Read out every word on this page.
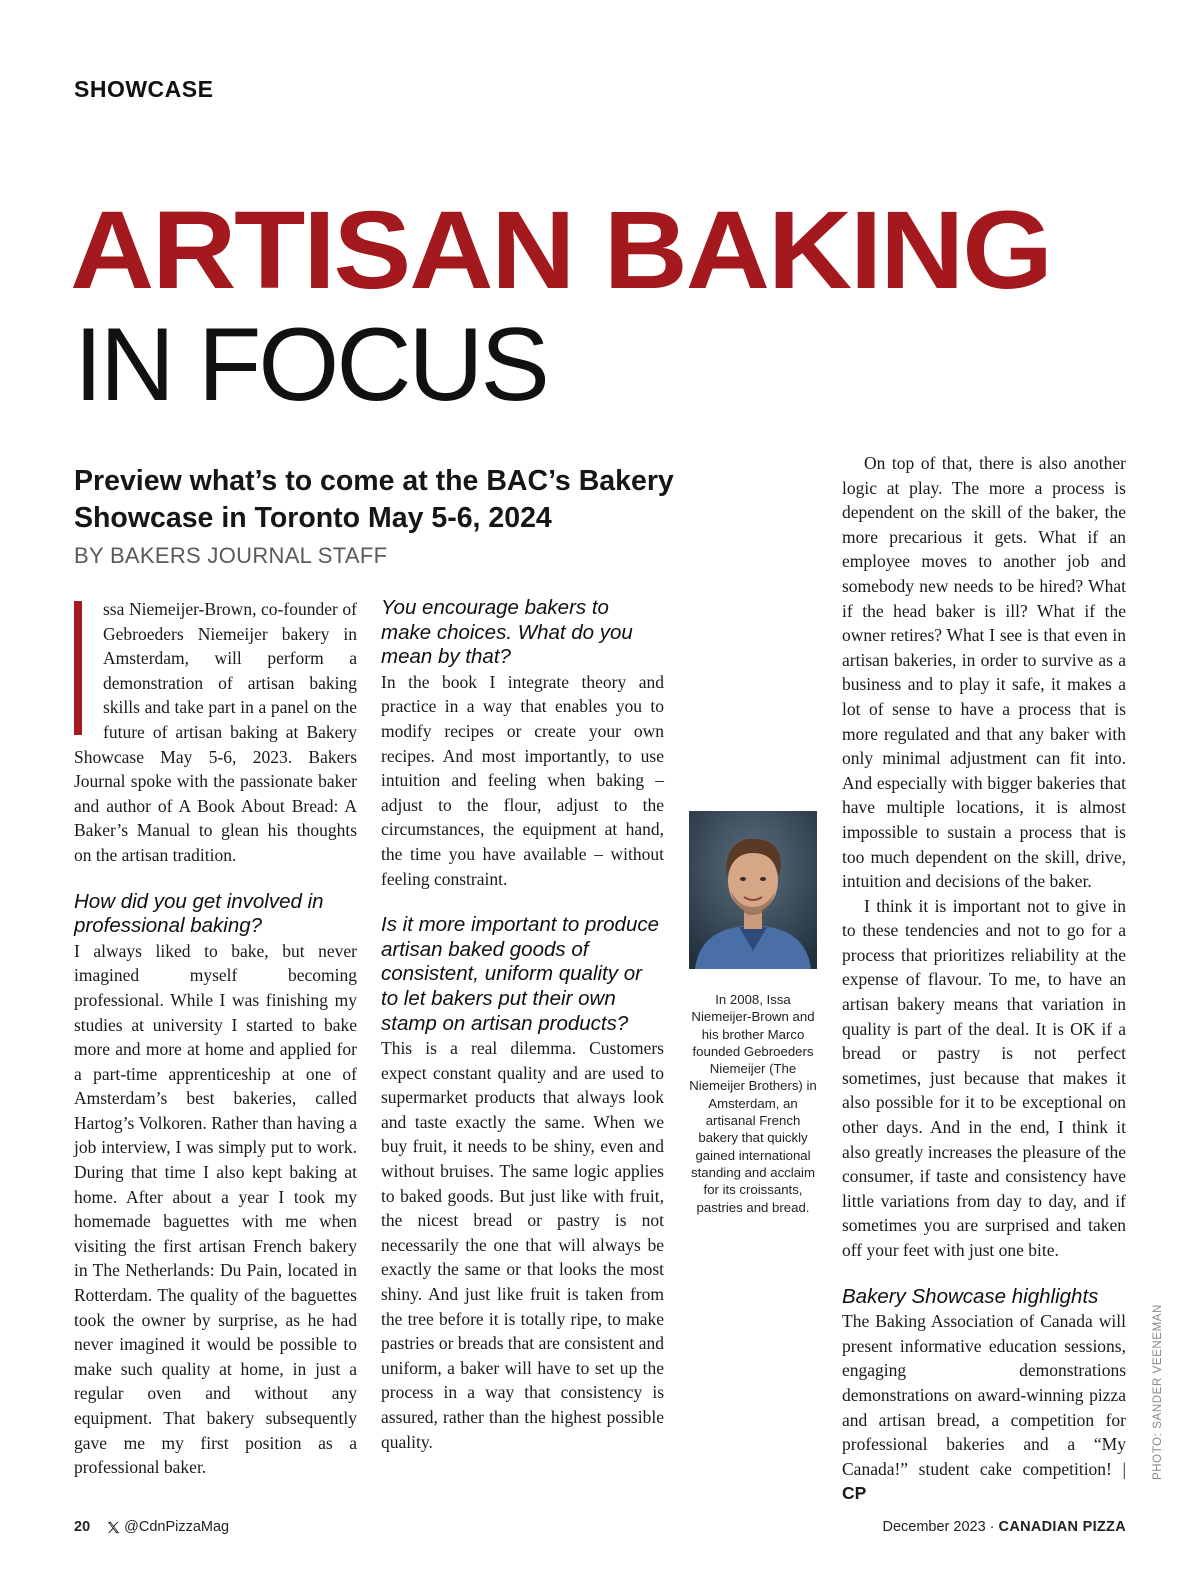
SHOWCASE
ARTISAN BAKING
IN FOCUS
Preview what’s to come at the BAC’s Bakery Showcase in Toronto May 5-6, 2024
BY BAKERS JOURNAL STAFF

ssa Niemeijer-Brown, co-founder of Gebroeders Niemeijer bakery in Amsterdam, will perform a demonstration of artisan baking skills and take part in a panel on the future of artisan baking at Bakery Showcase May 5-6, 2023. Bakers Journal spoke with the passionate baker and author of A Book About Bread: A Baker’s Manual to glean his thoughts on the artisan tradition.

How did you get involved in professional baking?

I always liked to bake, but never imagined myself becoming professional. While I was finishing my studies at university I started to bake more and more at home and applied for a part-time apprenticeship at one of Amsterdam’s best bakeries, called Hartog’s Volkoren. Rather than having a job interview, I was simply put to work. During that time I also kept baking at home. After about a year I took my homemade baguettes with me when visiting the first artisan French bakery in The Netherlands: Du Pain, located in Rotterdam. The quality of the baguettes took the owner by surprise, as he had never imagined it would be possible to make such quality at home, in just a regular oven and without any equipment. That bakery subsequently gave me my first position as a professional baker.

You encourage bakers to make choices. What do you mean by that?

In the book I integrate theory and practice in a way that enables you to modify recipes or create your own recipes. And most importantly, to use intuition and feeling when baking – adjust to the flour, adjust to the circumstances, the equipment at hand, the time you have available – without feeling constraint.

Is it more important to produce artisan baked goods of consistent, uniform quality or to let bakers put their own stamp on artisan products?

This is a real dilemma. Customers expect constant quality and are used to supermarket products that always look and taste exactly the same. When we buy fruit, it needs to be shiny, even and without bruises. The same logic applies to baked goods. But just like with fruit, the nicest bread or pastry is not necessarily the one that will always be exactly the same or that looks the most shiny. And just like fruit is taken from the tree before it is totally ripe, to make pastries or breads that are consistent and uniform, a baker will have to set up the process in a way that consistency is assured, rather than the highest possible quality.

In 2008, Issa Niemeijer-Brown and his brother Marco founded Gebroeders Niemeijer (The Niemeijer Brothers) in Amsterdam, an artisanal French bakery that quickly gained international standing and acclaim for its croissants, pastries and bread.

On top of that, there is also another logic at play. The more a process is dependent on the skill of the baker, the more precarious it gets. What if an employee moves to another job and somebody new needs to be hired? What if the head baker is ill? What if the owner retires? What I see is that even in artisan bakeries, in order to survive as a business and to play it safe, it makes a lot of sense to have a process that is more regulated and that any baker with only minimal adjustment can fit into. And especially with bigger bakeries that have multiple locations, it is almost impossible to sustain a process that is too much dependent on the skill, drive, intuition and decisions of the baker.

I think it is important not to give in to these tendencies and not to go for a process that prioritizes reliability at the expense of flavour. To me, to have an artisan bakery means that variation in quality is part of the deal. It is OK if a bread or pastry is not perfect sometimes, just because that makes it also possible for it to be exceptional on other days. And in the end, I think it also greatly increases the pleasure of the consumer, if taste and consistency have little variations from day to day, and if sometimes you are surprised and taken off your feet with just one bite.

Bakery Showcase highlights

The Baking Association of Canada will present informative education sessions, engaging demonstrations demonstrations on award-winning pizza and artisan bread, a competition for professional bakeries and a “My Canada!” student cake competition! | CP

PHOTO: SANDER VEENEMAN
20 @CdnPizzaMag	December 2023 · CANADIAN PIZZA
